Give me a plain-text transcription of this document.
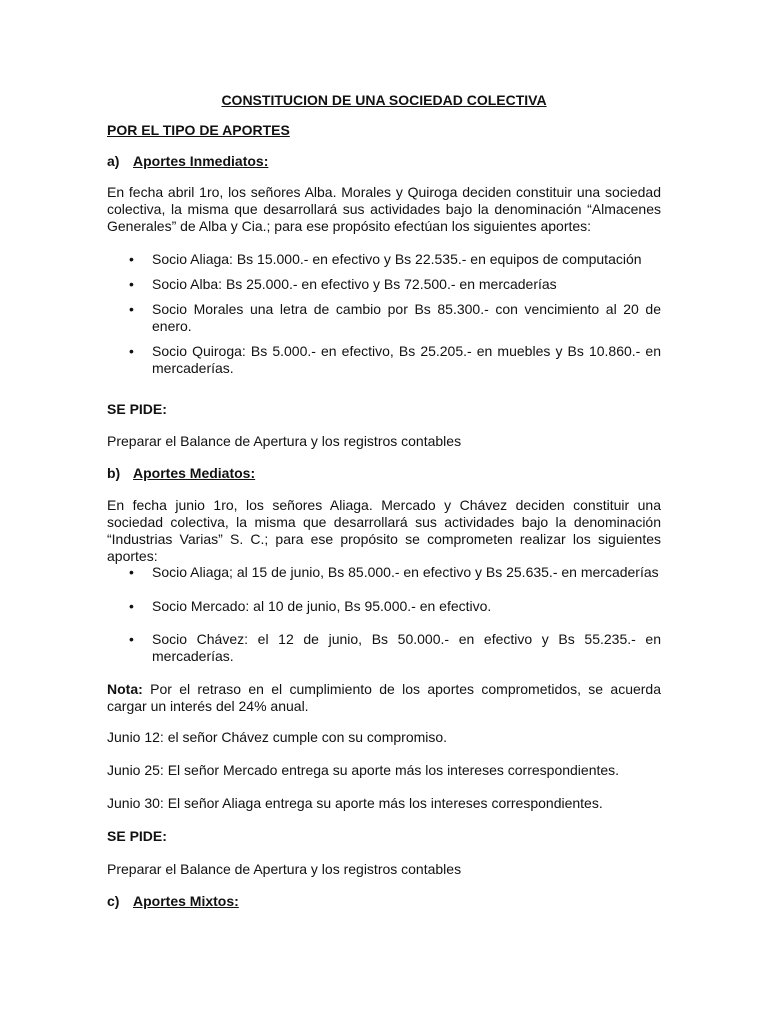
CONSTITUCION DE UNA SOCIEDAD COLECTIVA
POR EL TIPO DE APORTES
a) Aportes Inmediatos:
En fecha abril 1ro, los señores Alba. Morales y Quiroga deciden constituir una sociedad colectiva, la misma que desarrollará sus actividades bajo la denominación “Almacenes Generales” de Alba y Cia.; para ese propósito efectúan los siguientes aportes:
•	Socio Aliaga: Bs 15.000.- en efectivo y Bs 22.535.- en equipos de computación
•	Socio Alba: Bs 25.000.- en efectivo y Bs 72.500.- en mercaderías
•	Socio Morales una letra de cambio por Bs 85.300.- con vencimiento al 20 de enero.
•	Socio Quiroga: Bs 5.000.- en efectivo, Bs 25.205.- en muebles y Bs 10.860.- en mercaderías.
SE PIDE:
Preparar el Balance de Apertura y los registros contables
b) Aportes Mediatos:
En fecha junio 1ro, los señores Aliaga. Mercado y Chávez deciden constituir una sociedad colectiva, la misma que desarrollará sus actividades bajo la denominación “Industrias Varias” S. C.; para ese propósito se comprometen realizar los siguientes aportes:
•	Socio Aliaga; al 15 de junio, Bs 85.000.- en efectivo y Bs 25.635.- en mercaderías
•	Socio Mercado: al 10 de junio, Bs 95.000.- en efectivo.
•	Socio Chávez: el 12 de junio, Bs 50.000.- en efectivo y Bs 55.235.- en mercaderías.
Nota: Por el retraso en el cumplimiento de los aportes comprometidos, se acuerda cargar un interés del 24% anual.
Junio 12: el señor Chávez cumple con su compromiso.
Junio 25: El señor Mercado entrega su aporte más los intereses correspondientes.
Junio 30: El señor Aliaga entrega su aporte más los intereses correspondientes.
SE PIDE:
Preparar el Balance de Apertura y los registros contables
c) Aportes Mixtos:
